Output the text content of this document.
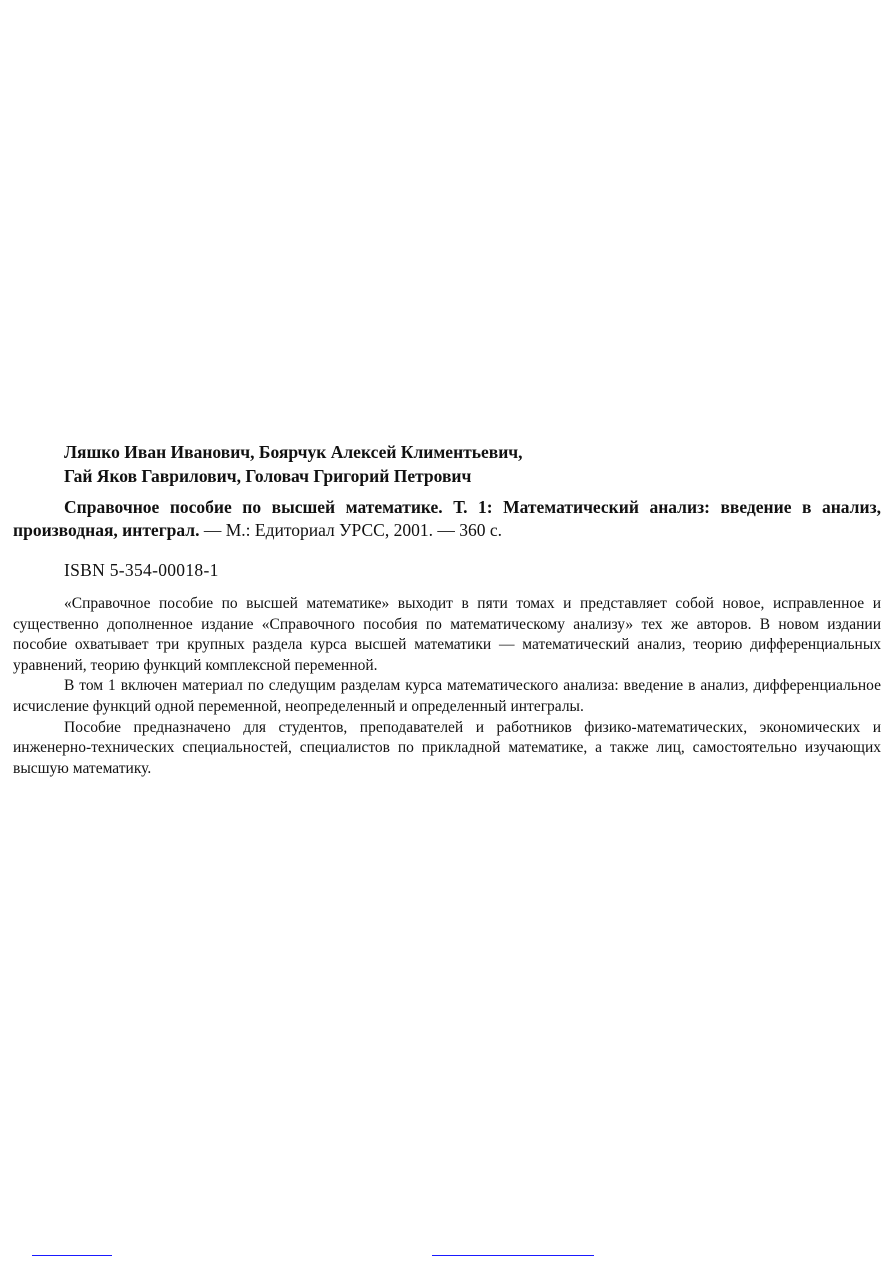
Ляшко Иван Иванович, Боярчук Алексей Климентьевич,
Гай Яков Гаврилович, Головач Григорий Петрович
Справочное пособие по высшей математике. Т. 1: Математический анализ: введение в анализ, производная, интеграл. — М.: Едиториал УРСС, 2001. — 360 с.
ISBN 5-354-00018-1

«Справочное пособие по высшей математике» выходит в пяти томах и представляет собой новое, исправленное и существенно дополненное издание «Справочного пособия по математическому анализу» тех же авторов. В новом издании пособие охватывает три крупных раздела курса высшей математики — математический анализ, теорию дифференциальных уравнений, теорию функций комплексной переменной.

В том 1 включен материал по следущим разделам курса математического анализа: введение в анализ, дифференциальное исчисление функций одной переменной, неопределенный и определенный интегралы.

Пособие предназначено для студентов, преподавателей и работников физико-математических, экономических и инженерно-технических специальностей, специалистов по прикладной математике, а также лиц, самостоятельно изучающих высшую математику.
